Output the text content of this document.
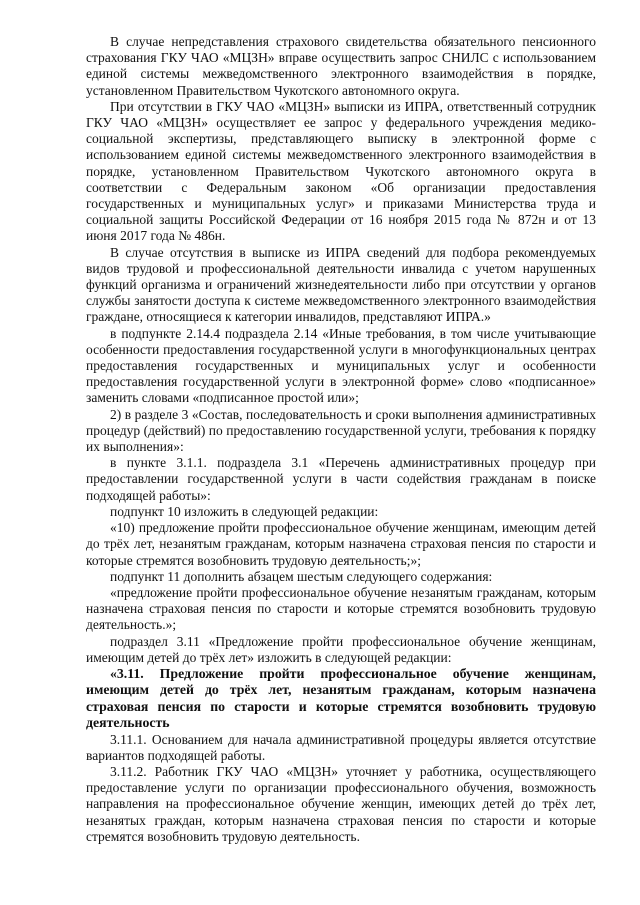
В случае непредставления страхового свидетельства обязательного пенсионного страхования ГКУ ЧАО «МЦЗН» вправе осуществить запрос СНИЛС с использованием единой системы межведомственного электронного взаимодействия в порядке, установленном Правительством Чукотского автономного округа.

При отсутствии в ГКУ ЧАО «МЦЗН» выписки из ИПРА, ответственный сотрудник ГКУ ЧАО «МЦЗН» осуществляет ее запрос у федерального учреждения медико-социальной экспертизы, представляющего выписку в электронной форме с использованием единой системы межведомственного электронного взаимодействия в порядке, установленном Правительством Чукотского автономного округа в соответствии с Федеральным законом «Об организации предоставления государственных и муниципальных услуг» и приказами Министерства труда и социальной защиты Российской Федерации от 16 ноября 2015 года № 872н и от 13 июня 2017 года № 486н.

В случае отсутствия в выписке из ИПРА сведений для подбора рекомендуемых видов трудовой и профессиональной деятельности инвалида с учетом нарушенных функций организма и ограничений жизнедеятельности либо при отсутствии у органов службы занятости доступа к системе межведомственного электронного взаимодействия граждане, относящиеся к категории инвалидов, представляют ИПРА.»

в подпункте 2.14.4 подраздела 2.14 «Иные требования, в том числе учитывающие особенности предоставления государственной услуги в многофункциональных центрах предоставления государственных и муниципальных услуг и особенности предоставления государственной услуги в электронной форме» слово «подписанное» заменить словами «подписанное простой или»;

2) в разделе 3 «Состав, последовательность и сроки выполнения административных процедур (действий) по предоставлению государственной услуги, требования к порядку их выполнения»:

в пункте 3.1.1. подраздела 3.1 «Перечень административных процедур при предоставлении государственной услуги в части содействия гражданам в поиске подходящей работы»:

подпункт 10 изложить в следующей редакции:

«10) предложение пройти профессиональное обучение женщинам, имеющим детей до трёх лет, незанятым гражданам, которым назначена страховая пенсия по старости и которые стремятся возобновить трудовую деятельность;»;

подпункт 11 дополнить абзацем шестым следующего содержания:

«предложение пройти профессиональное обучение незанятым гражданам, которым назначена страховая пенсия по старости и которые стремятся возобновить трудовую деятельность.»;

подраздел 3.11 «Предложение пройти профессиональное обучение женщинам, имеющим детей до трёх лет» изложить в следующей редакции:

«3.11. Предложение пройти профессиональное обучение женщинам, имеющим детей до трёх лет, незанятым гражданам, которым назначена страховая пенсия по старости и которые стремятся возобновить трудовую деятельность

3.11.1. Основанием для начала административной процедуры является отсутствие вариантов подходящей работы.

3.11.2. Работник ГКУ ЧАО «МЦЗН» уточняет у работника, осуществляющего предоставление услуги по организации профессионального обучения, возможность направления на профессиональное обучение женщин, имеющих детей до трёх лет, незанятых граждан, которым назначена страховая пенсия по старости и которые стремятся возобновить трудовую деятельность.
